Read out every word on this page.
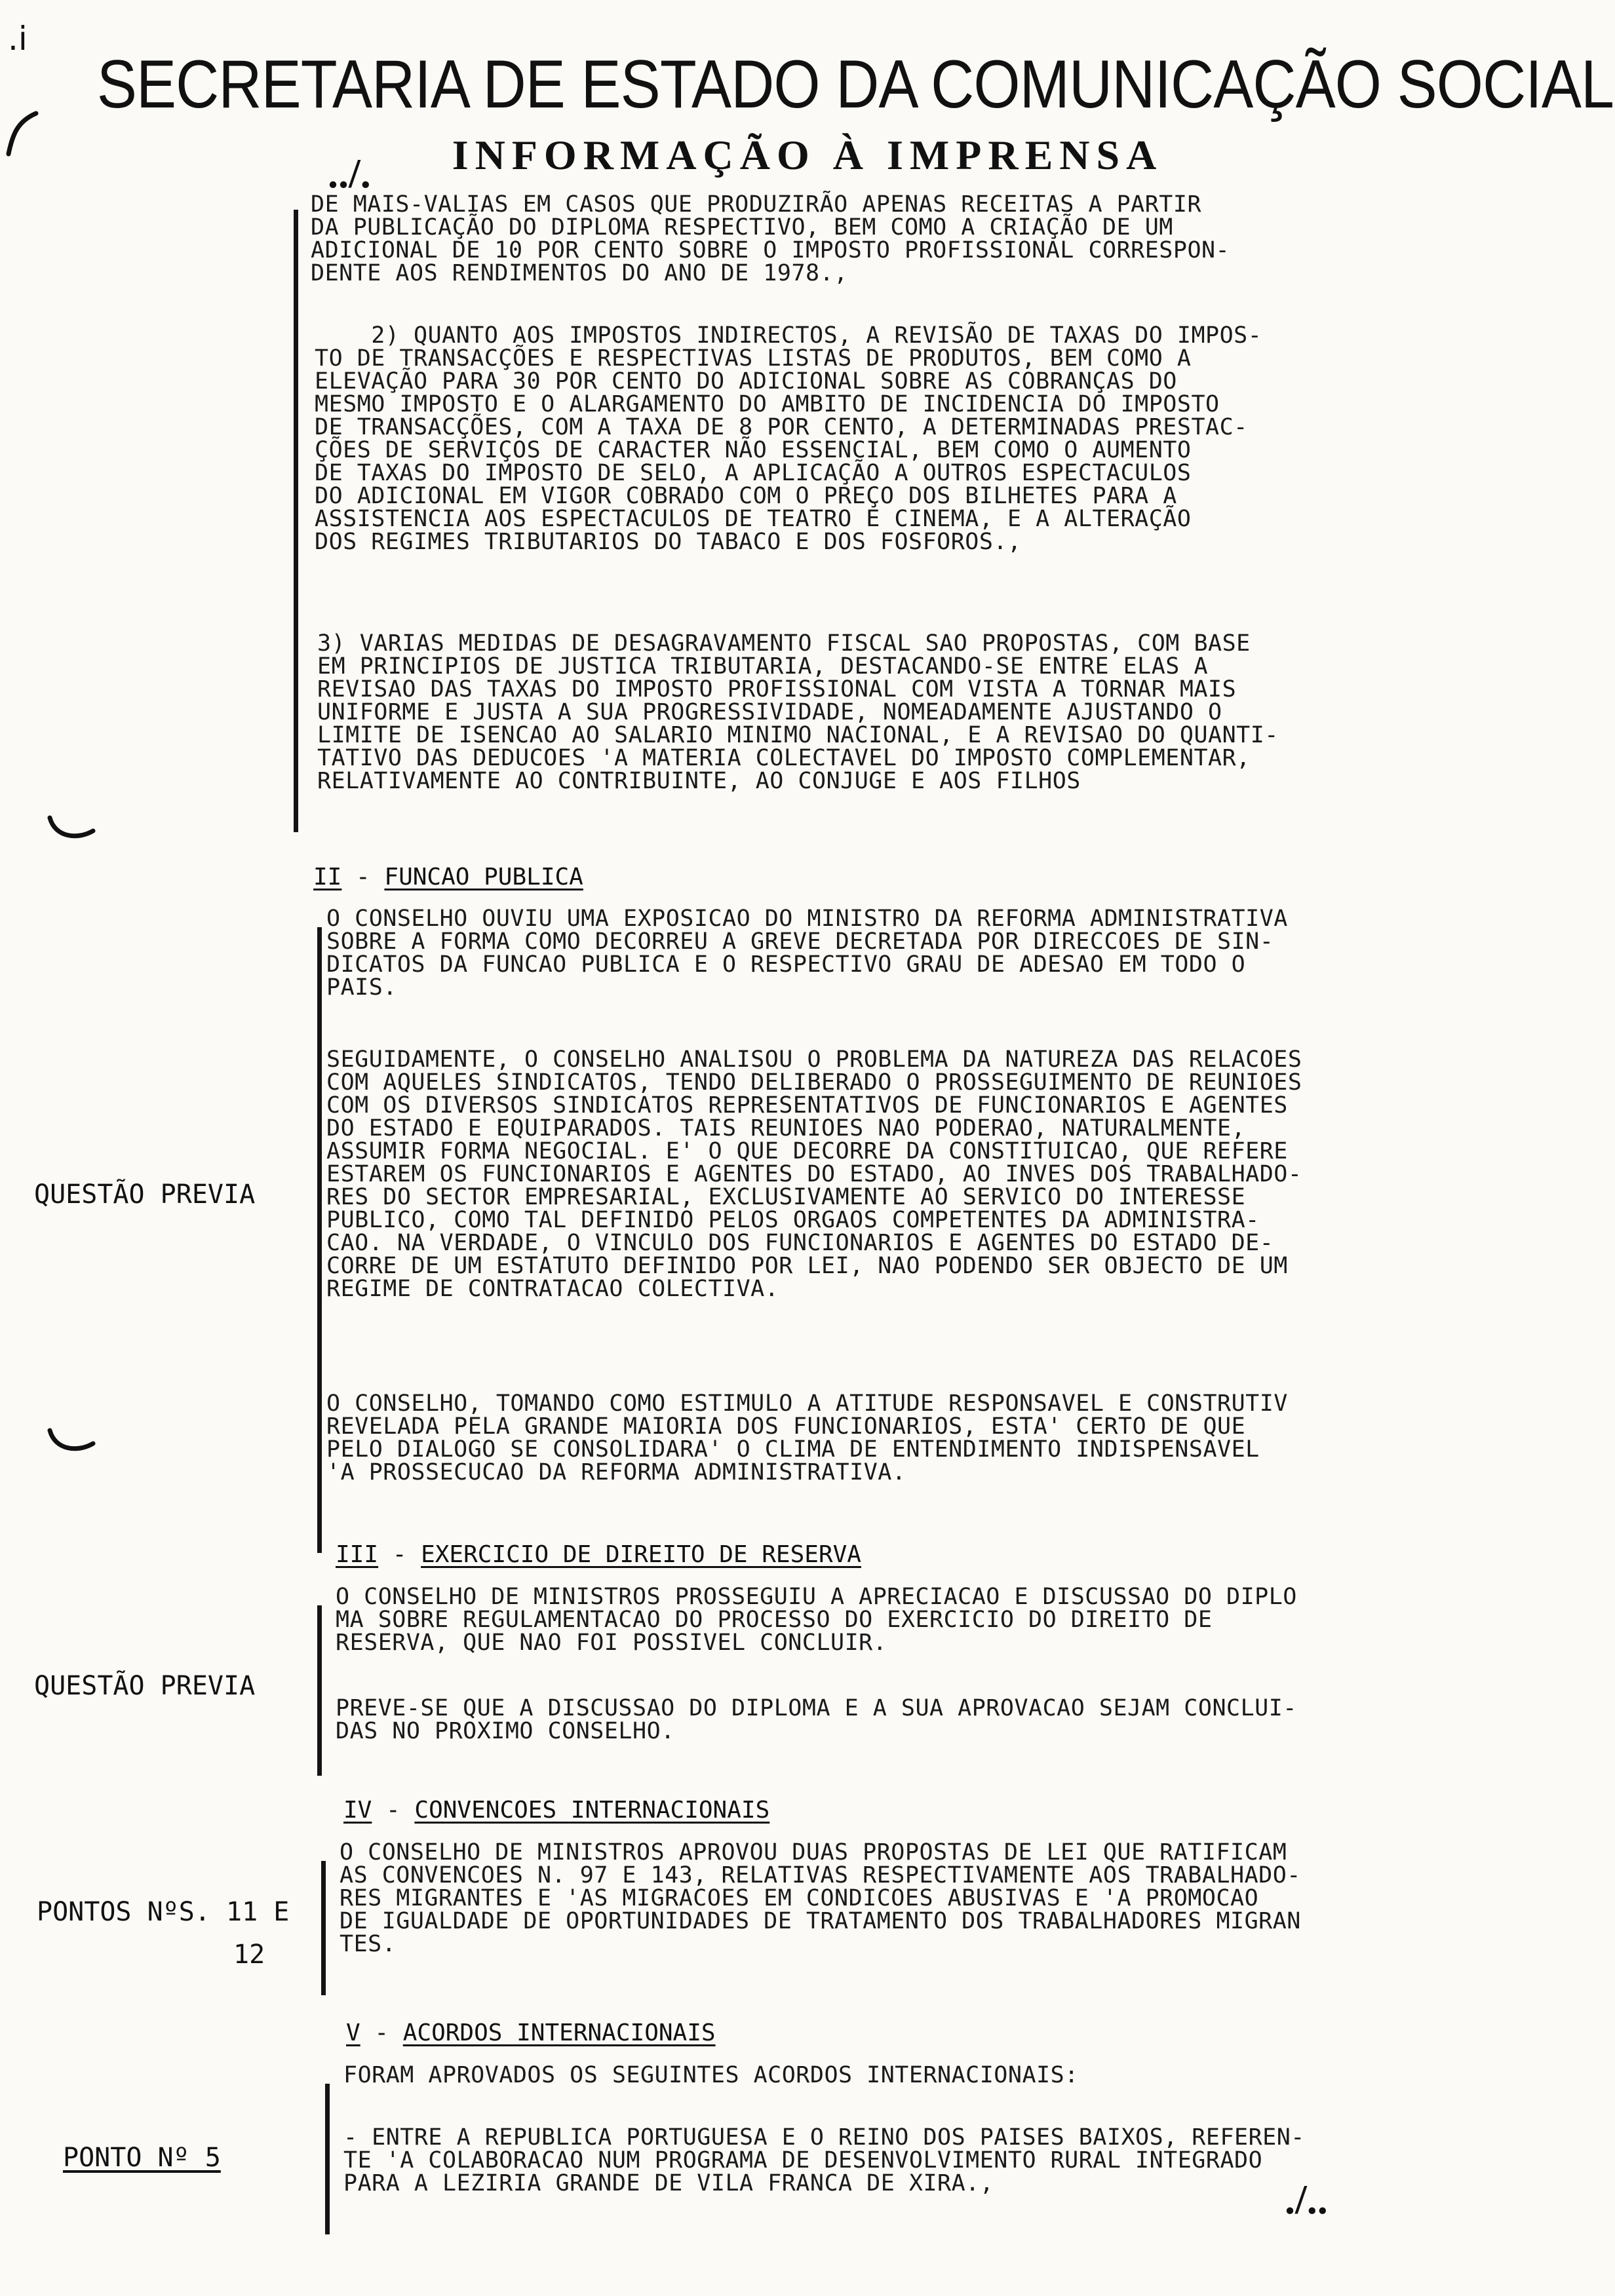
SECRETARIA DE ESTADO DA COMUNICAÇÃO SOCIAL
../.	INFORMAÇÃO À IMPRENSA
.i
DE MAIS-VALIAS EM CASOS QUE PRODUZIRÃO APENAS RECEITAS A PARTIR
DA PUBLICAÇÃO DO DIPLOMA RESPECTIVO, BEM COMO A CRIAÇÃO DE UM
ADICIONAL DE 10 POR CENTO SOBRE O IMPOSTO PROFISSIONAL CORRESPON-
DENTE AOS RENDIMENTOS DO ANO DE 1978.,
2) QUANTO AOS IMPOSTOS INDIRECTOS, A REVISÃO DE TAXAS DO IMPOS-
TO DE TRANSACÇÕES E RESPECTIVAS LISTAS DE PRODUTOS, BEM COMO A
ELEVAÇÃO PARA 30 POR CENTO DO ADICIONAL SOBRE AS COBRANÇAS DO
MESMO IMPOSTO E O ALARGAMENTO DO AMBITO DE INCIDENCIA DO IMPOSTO
DE TRANSACÇÕES, COM A TAXA DE 8 POR CENTO, A DETERMINADAS PRESTAC-
ÇÕES DE SERVIÇOS DE CARACTER NÃO ESSENCIAL, BEM COMO O AUMENTO
DE TAXAS DO IMPOSTO DE SELO, A APLICAÇÃO A OUTROS ESPECTACULOS
DO ADICIONAL EM VIGOR COBRADO COM O PREÇO DOS BILHETES PARA A
ASSISTENCIA AOS ESPECTACULOS DE TEATRO E CINEMA, E A ALTERAÇÃO
DOS REGIMES TRIBUTARIOS DO TABACO E DOS FOSFOROS.,
3) VARIAS MEDIDAS DE DESAGRAVAMENTO FISCAL SAO PROPOSTAS, COM BASE
EM PRINCIPIOS DE JUSTICA TRIBUTARIA, DESTACANDO-SE ENTRE ELAS A
REVISAO DAS TAXAS DO IMPOSTO PROFISSIONAL COM VISTA A TORNAR MAIS
UNIFORME E JUSTA A SUA PROGRESSIVIDADE, NOMEADAMENTE AJUSTANDO O
LIMITE DE ISENCAO AO SALARIO MINIMO NACIONAL, E A REVISAO DO QUANTI-
TATIVO DAS DEDUCOES 'A MATERIA COLECTAVEL DO IMPOSTO COMPLEMENTAR,
RELATIVAMENTE AO CONTRIBUINTE, AO CONJUGE E AOS FILHOS
II - FUNCAO PUBLICA
O CONSELHO OUVIU UMA EXPOSICAO DO MINISTRO DA REFORMA ADMINISTRATIVA
SOBRE A FORMA COMO DECORREU A GREVE DECRETADA POR DIRECCOES DE SIN-
DICATOS DA FUNCAO PUBLICA E O RESPECTIVO GRAU DE ADESAO EM TODO O
PAIS.
SEGUIDAMENTE, O CONSELHO ANALISOU O PROBLEMA DA NATUREZA DAS RELACOES
COM AQUELES SINDICATOS, TENDO DELIBERADO O PROSSEGUIMENTO DE REUNIOES
COM OS DIVERSOS SINDICATOS REPRESENTATIVOS DE FUNCIONARIOS E AGENTES
DO ESTADO E EQUIPARADOS. TAIS REUNIOES NAO PODERAO, NATURALMENTE,
ASSUMIR FORMA NEGOCIAL. E' O QUE DECORRE DA CONSTITUICAO, QUE REFERE
ESTAREM OS FUNCIONARIOS E AGENTES DO ESTADO, AO INVES DOS TRABALHADO-
RES DO SECTOR EMPRESARIAL, EXCLUSIVAMENTE AO SERVICO DO INTERESSE
PUBLICO, COMO TAL DEFINIDO PELOS ORGAOS COMPETENTES DA ADMINISTRA-
CAO. NA VERDADE, O VINCULO DOS FUNCIONARIOS E AGENTES DO ESTADO DE-
CORRE DE UM ESTATUTO DEFINIDO POR LEI, NAO PODENDO SER OBJECTO DE UM
REGIME DE CONTRATACAO COLECTIVA.
O CONSELHO, TOMANDO COMO ESTIMULO A ATITUDE RESPONSAVEL E CONSTRUTIV
REVELADA PELA GRANDE MAIORIA DOS FUNCIONARIOS, ESTA' CERTO DE QUE
PELO DIALOGO SE CONSOLIDARA' O CLIMA DE ENTENDIMENTO INDISPENSAVEL
'A PROSSECUCAO DA REFORMA ADMINISTRATIVA.
QUESTÃO PREVIA
III - EXERCICIO DE DIREITO DE RESERVA
O CONSELHO DE MINISTROS PROSSEGUIU A APRECIACAO E DISCUSSAO DO DIPLO
MA SOBRE REGULAMENTACAO DO PROCESSO DO EXERCICIO DO DIREITO DE
RESERVA, QUE NAO FOI POSSIVEL CONCLUIR.
PREVE-SE QUE A DISCUSSAO DO DIPLOMA E A SUA APROVACAO SEJAM CONCLUI-
DAS NO PROXIMO CONSELHO.
QUESTÃO PREVIA
IV - CONVENCOES INTERNACIONAIS
O CONSELHO DE MINISTROS APROVOU DUAS PROPOSTAS DE LEI QUE RATIFICAM
AS CONVENCOES N. 97 E 143, RELATIVAS RESPECTIVAMENTE AOS TRABALHADO-
RES MIGRANTES E 'AS MIGRACOES EM CONDICOES ABUSIVAS E 'A PROMOCAO
DE IGUALDADE DE OPORTUNIDADES DE TRATAMENTO DOS TRABALHADORES MIGRAN
TES.
PONTOS NºS. 11 E
12
V - ACORDOS INTERNACIONAIS
FORAM APROVADOS OS SEGUINTES ACORDOS INTERNACIONAIS:
- ENTRE A REPUBLICA PORTUGUESA E O REINO DOS PAISES BAIXOS, REFEREN-
TE 'A COLABORACAO NUM PROGRAMA DE DESENVOLVIMENTO RURAL INTEGRADO
PARA A LEZIRIA GRANDE DE VILA FRANCA DE XIRA.,
PONTO Nº 5
./..
